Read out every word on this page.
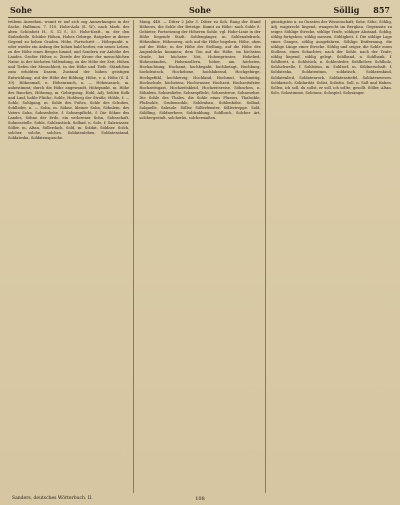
Sohe	Sohe	Söllig 857

trübem Aussehen, womit er auf sich zog Anmerkungen in der Sache, Halbmon. 7. 110. Hohe-Aola (S. W.), nach Mark. der alten Schönheit H., S. 12 f., 53. Hohe-Kraft., m. der den Stabstheile. Schüler Höhen, Hohes Gebirge, Ratgeber in dieser Gegend zu hohen Graden. Höhe, Fortschritt ... Höhepunkt, n. oder wieder ein Anfang der hohen bald herbei, ein neues Leben, zu der Höhe eines Berges hinauf, und Sondern zur Anhöhe des Landes. Großer Höher, n. Zierde der Krone der menschlichen Natur, in der höchsten Vollendung, zu der Höhe der Zeit, Höhen und Tiefen der Menschheit, in der Höhe und Tiefe. Ständchen zum erhöhten Dasein, Zustand der hohen geistigen Entwicklung, auf der Höhe der Bildung; Höhe, v. a. Höhe (S. 4. 39). Höhenmaß, n. Höhenrauch, n. — Höhenrauch, m. unbestimmt; durch die Höhe angewandt, Höhepunkt, m. Höhe des Rauches, Höhezug, m. Gebirgszug. Hohl, Adj. hohlen Kolk und Lauf, hohle Fläche, Sohle, Hohlweg der Straße, Höhle, f. — Sohle, Sohlgang, m. Sohle des Fußes, Sohle des Schuhes, Sohlleder, n. — Sohn, m. Söhne, kleiner Sohn, Söhnlein, des Vaters Sohn, Sohnesliebe, f. Sohnespflicht, f. Die Söhne des Landes, Söhne der Erde, ein verlorener Sohn, Sohnschaft, Sohnesstelle. Sohle, Sohlenstück, Solbad, n. Sole, f. Salzwasser. Söller, m. Altan, Söllerdach. Sold, m. Soldat, Söldner. Solch, solcher, solche, solches. Soldatenleben, Soldatenstand, Soldateska, Soldatensprache.

Mang. 448. — Ditter 2 Jahr 3. Ditter zu Soh. Rang der Stand Höheres, die Sohle der Beträge. Kumit zu Höhe: nach Sohle 8. Gebieter, Fortsetzung der Höheren Sohle, vgl. Hohe-Linie in der Höhe liegende Stadt. Sohlengänger, m. Sohlenabdruck, Höhenlinie, Höhenweg, sich auf die Höhe begeben, Höhe, oben auf der Höhe; in der Höhe der Stellung, auf die Höhe des Augenblicks kommen; dem Ton auf die Höhe, im höchsten Grade, bei höchster Not, Hohenpriester, Hohelied, Hohenstaufen, Hohenzollern, höher, am höchsten, Hochachtung, Hochamt, hochbegabt, hochbetagt, Hochburg, hochdeutsch, Hochebene, hochfahrend, Hochgebirge, Hochgefühl, hochherzig, Hochland, Hochmut, hochmütig, Hochschule, höchstens, Hochwasser, Hochzeit, Hochzeitsfeier, Hochzeitsgast, Hochzeitskleid, Hochzeitsreise. Söhnchen, n. Söhnlein, Sohnesliebe, Sohnespflicht, Sohnestreue, Sohnesehre. Die Sohle des Thales, die Sohle eines Flusses, Thalsohle, Flußsohle, Grubensohle, Sohlenbau, Sohlenhöhe. Solbad, Solquelle, Salzsole. Söller, Söllerfenster, Söllertreppe. Sold, Söldling, Söldnerheer, Soldzahlung, Soldbuch. Solcher Art, solchergestalt, solcherlei, solchermaßen.

günstigsten u. zu Gunsten der Wissenschaft; Sohe, Söhe, Söhlig, Adj. wagerecht liegend, waagrecht im Bergbau, Gegensatz zu seiger. Söhlige Strecke, söhlige Teufe, söhliger Abstand. Sohlig, söhlig fortgehen, söhlig messen, Söhligkeit, f. Die söhlige Lage eines Ganges, söhlig ausgefahren. Söhlige Entfernung, die söhlige Länge einer Strecke. Söhlig und seiger, die Sohle eines Stollens, eines Schachtes; nach der Sohle, nach der Teufe; söhlig liegend, söhlig gelegt. Sohlband, n. Sohlbank, f. Sohlbrett, n. Sohlstück, n. Sohlenleder, Sohlhölzer, Sohlholz, Sohlschwelle, f. Sohlstein, m. Sohltorf, m. Söldnerschaft, f. Soldateska, Soldatentum, soldatisch, Soldatenkind, Soldatenlied, Soldatenrock, Soldatenstiefel, Soldatenwesen. Solidarisch, Solidarität. Solist, Solistin. Soll, n. Soll und Haben. Sollen, ich soll, du sollst, er soll, ich sollte, gesollt. Söller, Altan. Solo, Solostimme, Solotanz, Solospiel, Solosänger.

Sanders, deutsches Wörterbuch. II.	108
